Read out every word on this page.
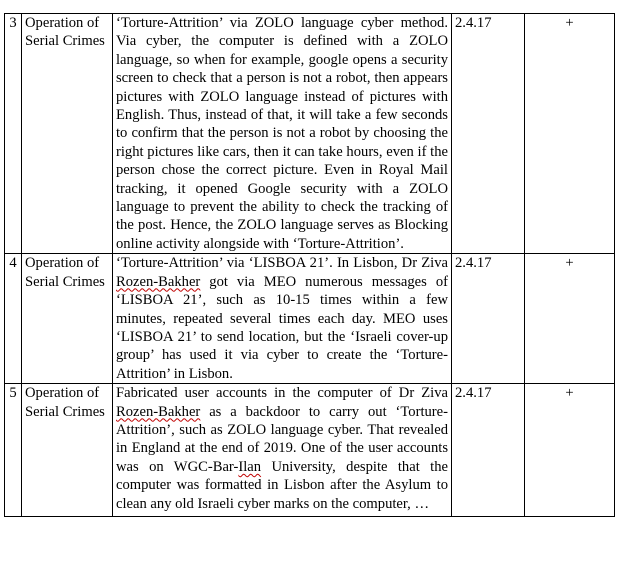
3	Operation of Serial Crimes	‘Torture-Attrition’ via ZOLO language cyber method. Via cyber, the computer is defined with a ZOLO language, so when for example, google opens a security screen to check that a person is not a robot, then appears pictures with ZOLO language instead of pictures with English. Thus, instead of that, it will take a few seconds to confirm that the person is not a robot by choosing the right pictures like cars, then it can take hours, even if the person chose the correct picture. Even in Royal Mail tracking, it opened Google security with a ZOLO language to prevent the ability to check the tracking of the post. Hence, the ZOLO language serves as Blocking online activity alongside with ‘Torture-Attrition’.	2.4.17	+
4	Operation of Serial Crimes	‘Torture-Attrition’ via ‘LISBOA 21’. In Lisbon, Dr Ziva Rozen-Bakher got via MEO numerous messages of ‘LISBOA 21’, such as 10-15 times within a few minutes, repeated several times each day. MEO uses ‘LISBOA 21’ to send location, but the ‘Israeli cover-up group’ has used it via cyber to create the ‘Torture-Attrition’ in Lisbon.	2.4.17	+
5	Operation of Serial Crimes	Fabricated user accounts in the computer of Dr Ziva Rozen-Bakher as a backdoor to carry out ‘Torture-Attrition’, such as ZOLO language cyber. That revealed in England at the end of 2019. One of the user accounts was on WGC-Bar-Ilan University, despite that the computer was formatted in Lisbon after the Asylum to clean any old Israeli cyber marks on the computer, …	2.4.17	+
